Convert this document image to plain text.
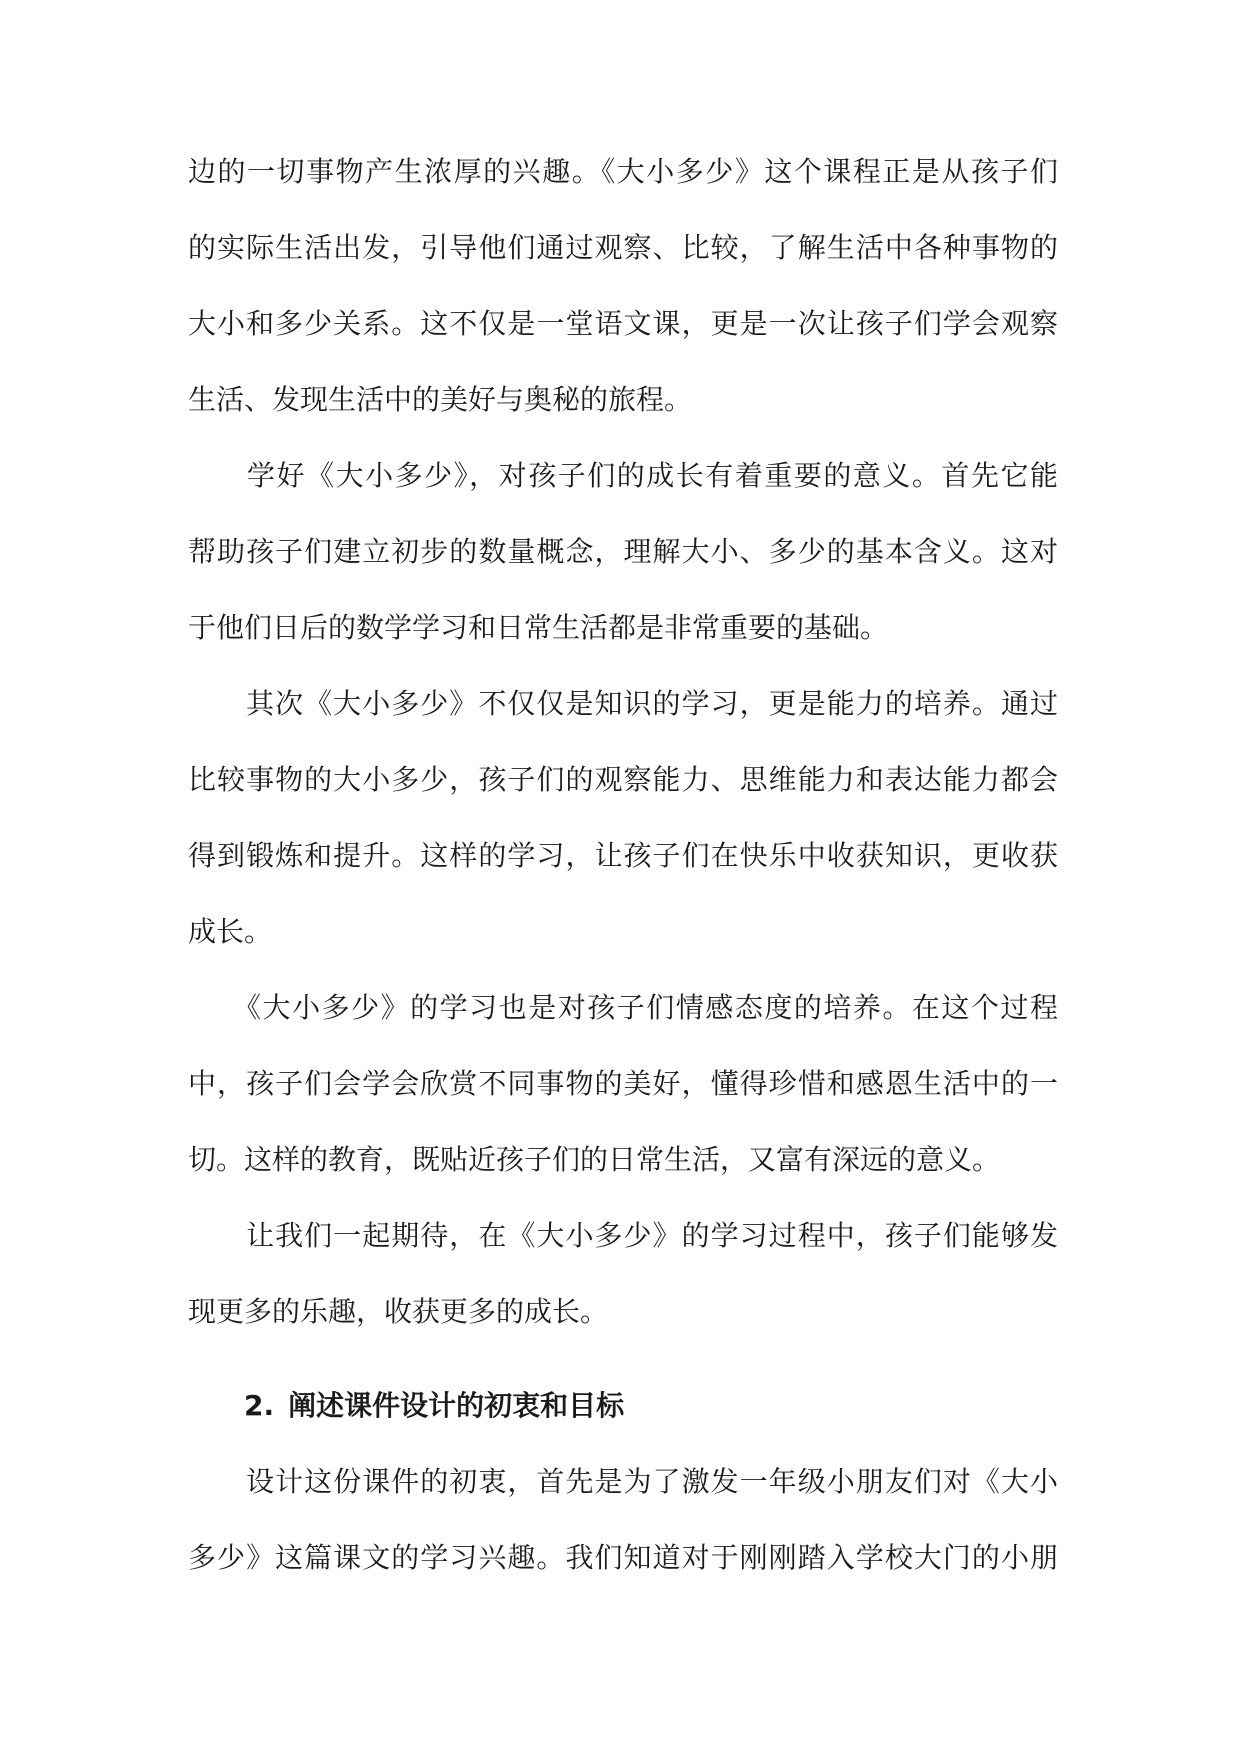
边的一切事物产生浓厚的兴趣。《大小多少》这个课程正是从孩子们
的实际生活出发，引导他们通过观察、比较，了解生活中各种事物的
大小和多少关系。这不仅是一堂语文课，更是一次让孩子们学会观察
生活、发现生活中的美好与奥秘的旅程。
　　学好《大小多少》，对孩子们的成长有着重要的意义。首先它能
帮助孩子们建立初步的数量概念，理解大小、多少的基本含义。这对
于他们日后的数学学习和日常生活都是非常重要的基础。
　　其次《大小多少》不仅仅是知识的学习，更是能力的培养。通过
比较事物的大小多少，孩子们的观察能力、思维能力和表达能力都会
得到锻炼和提升。这样的学习，让孩子们在快乐中收获知识，更收获
成长。
　　《大小多少》的学习也是对孩子们情感态度的培养。在这个过程
中，孩子们会学会欣赏不同事物的美好，懂得珍惜和感恩生活中的一
切。这样的教育，既贴近孩子们的日常生活，又富有深远的意义。
　　让我们一起期待，在《大小多少》的学习过程中，孩子们能够发
现更多的乐趣，收获更多的成长。
2. 阐述课件设计的初衷和目标
　　设计这份课件的初衷，首先是为了激发一年级小朋友们对《大小
多少》这篇课文的学习兴趣。我们知道对于刚刚踏入学校大门的小朋
